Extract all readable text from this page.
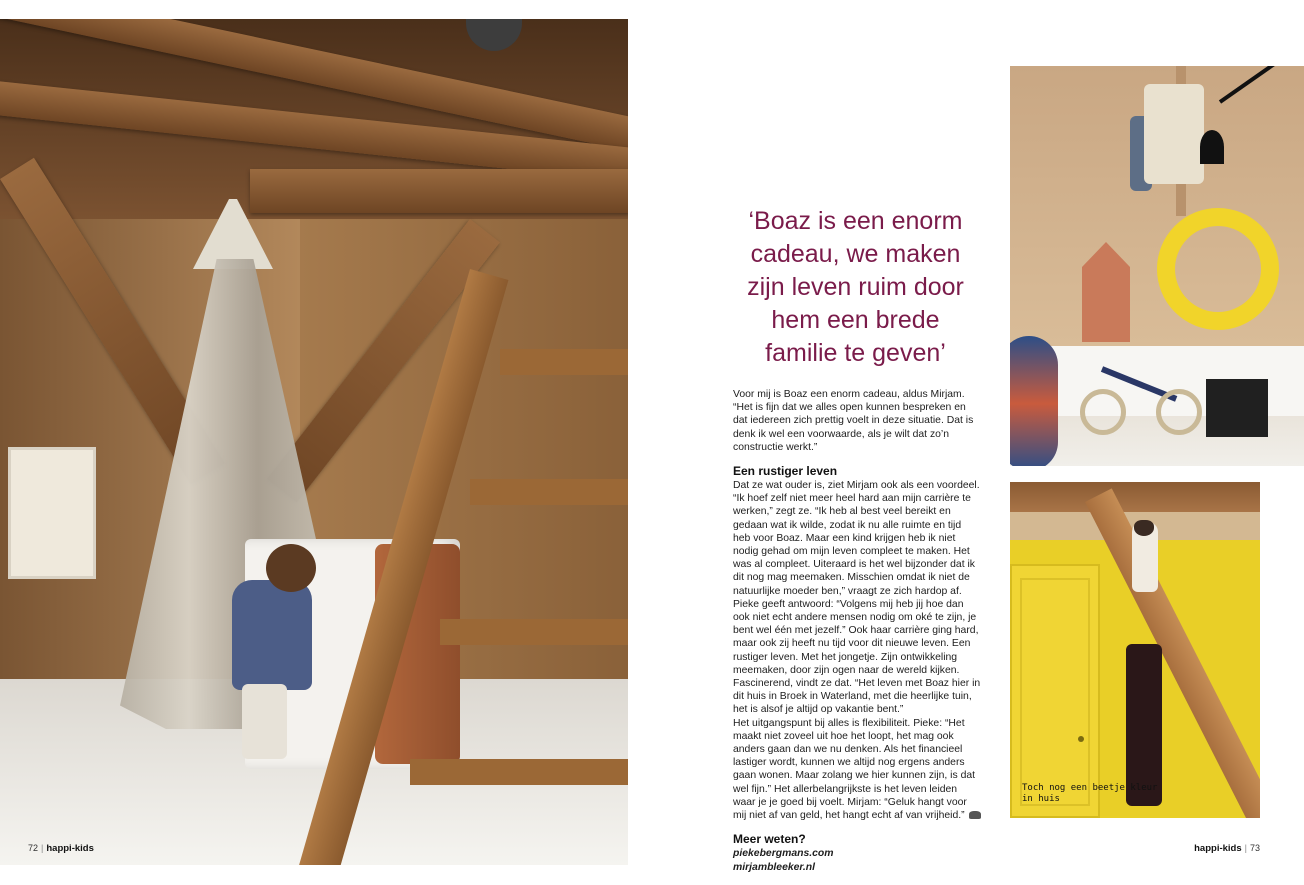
‘Boaz is een enorm cadeau, we maken zijn leven ruim door hem een brede familie te geven’

Voor mij is Boaz een enorm cadeau, aldus Mirjam. “Het is fijn dat we alles open kunnen bespreken en dat iedereen zich prettig voelt in deze situatie. Dat is denk ik wel een voorwaarde, als je wilt dat zo’n constructie werkt.”

Een rustiger leven

Dat ze wat ouder is, ziet Mirjam ook als een voordeel. “Ik hoef zelf niet meer heel hard aan mijn carrière te werken,” zegt ze. “Ik heb al best veel bereikt en gedaan wat ik wilde, zodat ik nu alle ruimte en tijd heb voor Boaz. Maar een kind krijgen heb ik niet nodig gehad om mijn leven compleet te maken. Het was al compleet. Uiteraard is het wel bijzonder dat ik dit nog mag meemaken. Misschien omdat ik niet de natuurlijke moeder ben,” vraagt ze zich hardop af. Pieke geeft antwoord: “Volgens mij heb jij hoe dan ook niet echt andere mensen nodig om oké te zijn, je bent wel één met jezelf.” Ook haar carrière ging hard, maar ook zij heeft nu tijd voor dit nieuwe leven. Een rustiger leven. Met het jongetje. Zijn ontwikkeling meemaken, door zijn ogen naar de wereld kijken. Fascinerend, vindt ze dat. “Het leven met Boaz hier in dit huis in Broek in Waterland, met die heerlijke tuin, het is alsof je altijd op vakantie bent.”

Het uitgangspunt bij alles is flexibiliteit. Pieke: “Het maakt niet zoveel uit hoe het loopt, het mag ook anders gaan dan we nu denken. Als het financieel lastiger wordt, kunnen we altijd nog ergens anders gaan wonen. Maar zolang we hier kunnen zijn, is dat wel fijn.” Het allerbelangrijkste is het leven leiden waar je je goed bij voelt. Mirjam: “Geluk hangt voor mij niet af van geld, het hangt echt af van vrijheid.”

Meer weten?

piekebergmans.com

mirjambleeker.nl

Toch nog een beetje kleur in huis
72 | happi-kids	happi-kids | 73
